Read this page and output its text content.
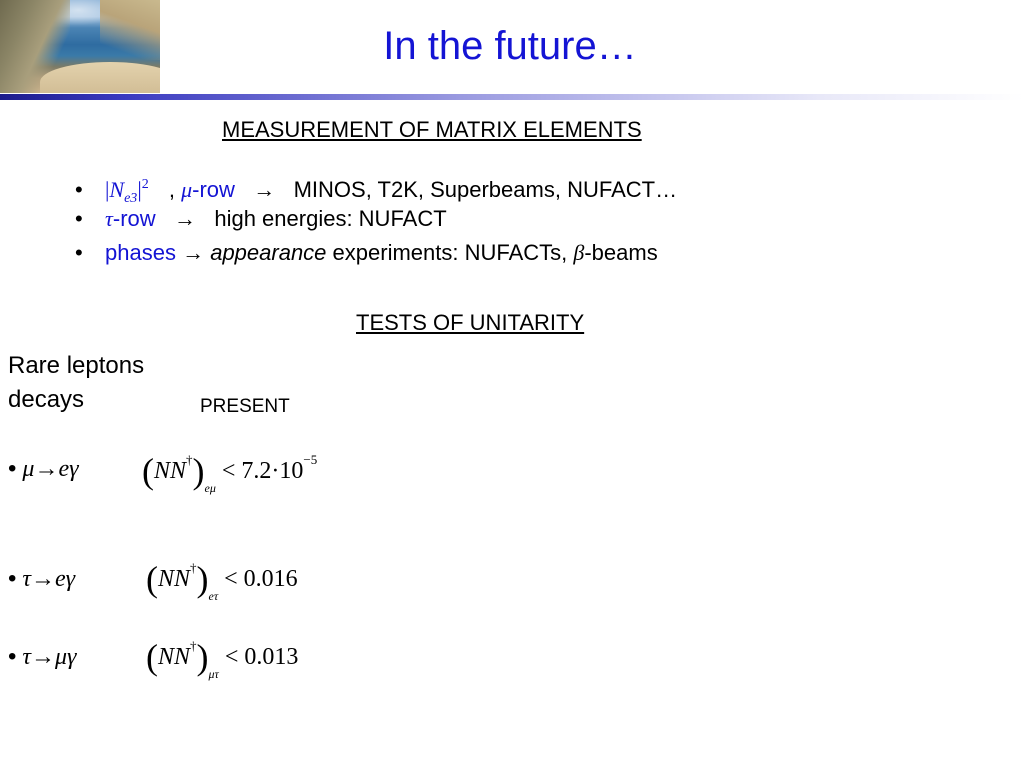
In the future…
MEASUREMENT OF MATRIX ELEMENTS
• $|N_{e3}|^2$ , μ-row → MINOS, T2K, Superbeams, NUFACT…
• τ-row → high energies: NUFACT
• phases → appearance experiments: NUFACTs, β-beams
TESTS OF UNITARITY
Rare leptons
decays	PRESENT
• μ→eγ $(NN^\dagger)_{e\mu} < 7.2\cdot 10^{-5}$
• τ→eγ $(NN^\dagger)_{e\tau} < 0.016$
• τ→μγ $(NN^\dagger)_{\mu\tau} < 0.013$
